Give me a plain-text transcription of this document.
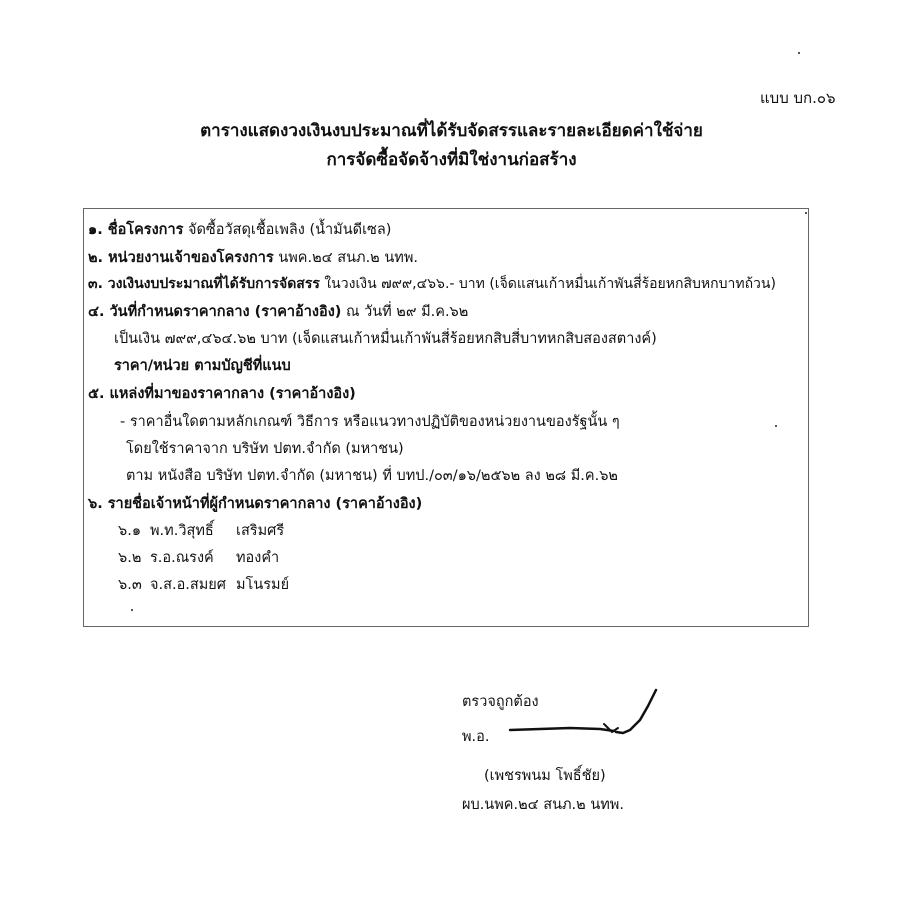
แบบ บก.๐๖
ตารางแสดงวงเงินงบประมาณที่ได้รับจัดสรรและรายละเอียดค่าใช้จ่าย
การจัดซื้อจัดจ้างที่มิใช่งานก่อสร้าง
๑. ชื่อโครงการ จัดซื้อวัสดุเชื้อเพลิง (น้ำมันดีเซล)
๒. หน่วยงานเจ้าของโครงการ นพค.๒๔ สนภ.๒ นทพ.
๓. วงเงินงบประมาณที่ได้รับการจัดสรร ในวงเงิน ๗๙๙,๔๖๖.- บาท (เจ็ดแสนเก้าหมื่นเก้าพันสี่ร้อยหกสิบหกบาทถ้วน)
๔. วันที่กำหนดราคากลาง (ราคาอ้างอิง) ณ วันที่ ๒๙ มี.ค.๖๒
เป็นเงิน ๗๙๙,๔๖๔.๖๒ บาท (เจ็ดแสนเก้าหมื่นเก้าพันสี่ร้อยหกสิบสี่บาทหกสิบสองสตางค์)
ราคา/หน่วย ตามบัญชีที่แนบ
๕. แหล่งที่มาของราคากลาง (ราคาอ้างอิง)
- ราคาอื่นใดตามหลักเกณฑ์ วิธีการ หรือแนวทางปฏิบัติของหน่วยงานของรัฐนั้น ๆ
โดยใช้ราคาจาก บริษัท ปตท.จำกัด (มหาชน)
ตาม หนังสือ บริษัท ปตท.จำกัด (มหาชน) ที่ บทป./๐๓/๑๖/๒๕๖๒ ลง ๒๘ มี.ค.๖๒
๖. รายชื่อเจ้าหน้าที่ผู้กำหนดราคากลาง (ราคาอ้างอิง)
๖.๑ พ.ท.วิสุทธิ์ เสริมศรี
๖.๒ ร.อ.ณรงค์ ทองคำ
๖.๓ จ.ส.อ.สมยศ มโนรมย์
ตรวจถูกต้อง
พ.อ.
(เพชรพนม โพธิ์ชัย)
ผบ.นพค.๒๔ สนภ.๒ นทพ.
